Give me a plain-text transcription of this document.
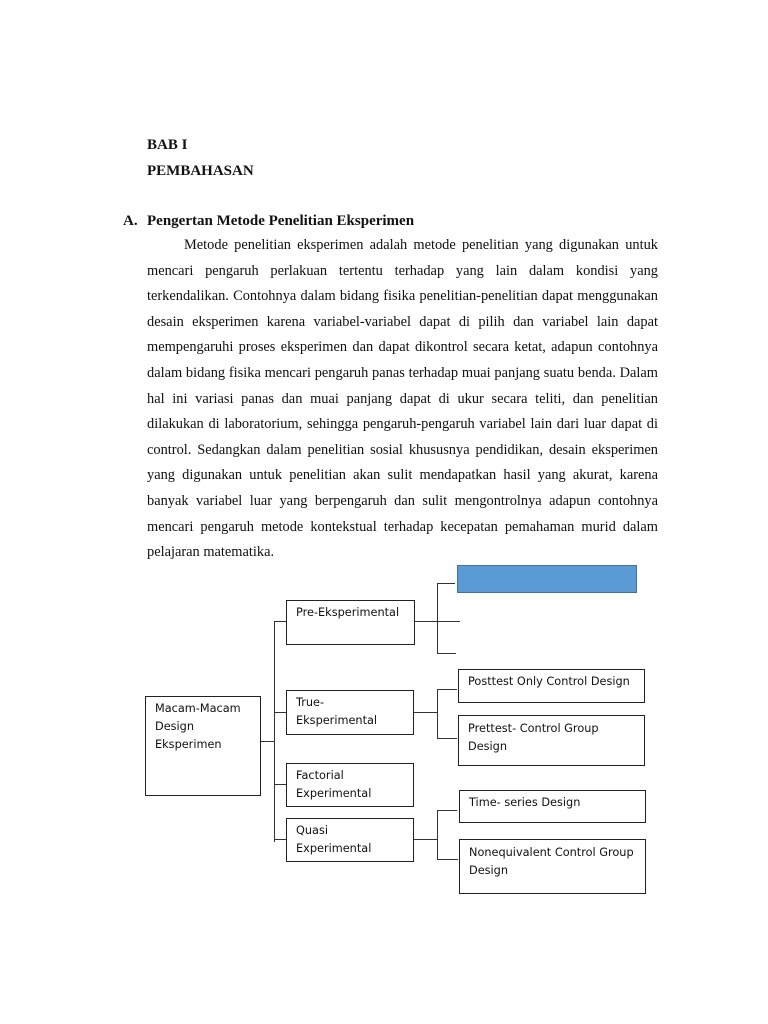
BAB I
PEMBAHASAN
A. Pengertan Metode Penelitian Eksperimen
Metode penelitian eksperimen adalah metode penelitian yang digunakan untuk mencari pengaruh perlakuan tertentu terhadap yang lain dalam kondisi yang terkendalikan. Contohnya dalam bidang fisika penelitian-penelitian dapat menggunakan desain eksperimen karena variabel-variabel dapat di pilih dan variabel lain dapat mempengaruhi proses eksperimen dan dapat dikontrol secara ketat, adapun contohnya dalam bidang fisika mencari pengaruh panas terhadap muai panjang suatu benda. Dalam hal ini variasi panas dan muai panjang dapat di ukur secara teliti, dan penelitian dilakukan di laboratorium, sehingga pengaruh-pengaruh variabel lain dari luar dapat di control. Sedangkan dalam penelitian sosial khususnya pendidikan, desain eksperimen yang digunakan untuk penelitian akan sulit mendapatkan hasil yang akurat, karena banyak variabel luar yang berpengaruh dan sulit mengontrolnya adapun contohnya mencari pengaruh metode kontekstual terhadap kecepatan pemahaman murid dalam pelajaran matematika.
Macam-Macam Design Eksperimen
Pre-Eksperimental
True-Eksperimental
Factorial Experimental
Quasi Experimental
Posttest Only Control Design
Prettest- Control Group Design
Time- series Design
Nonequivalent Control Group Design
